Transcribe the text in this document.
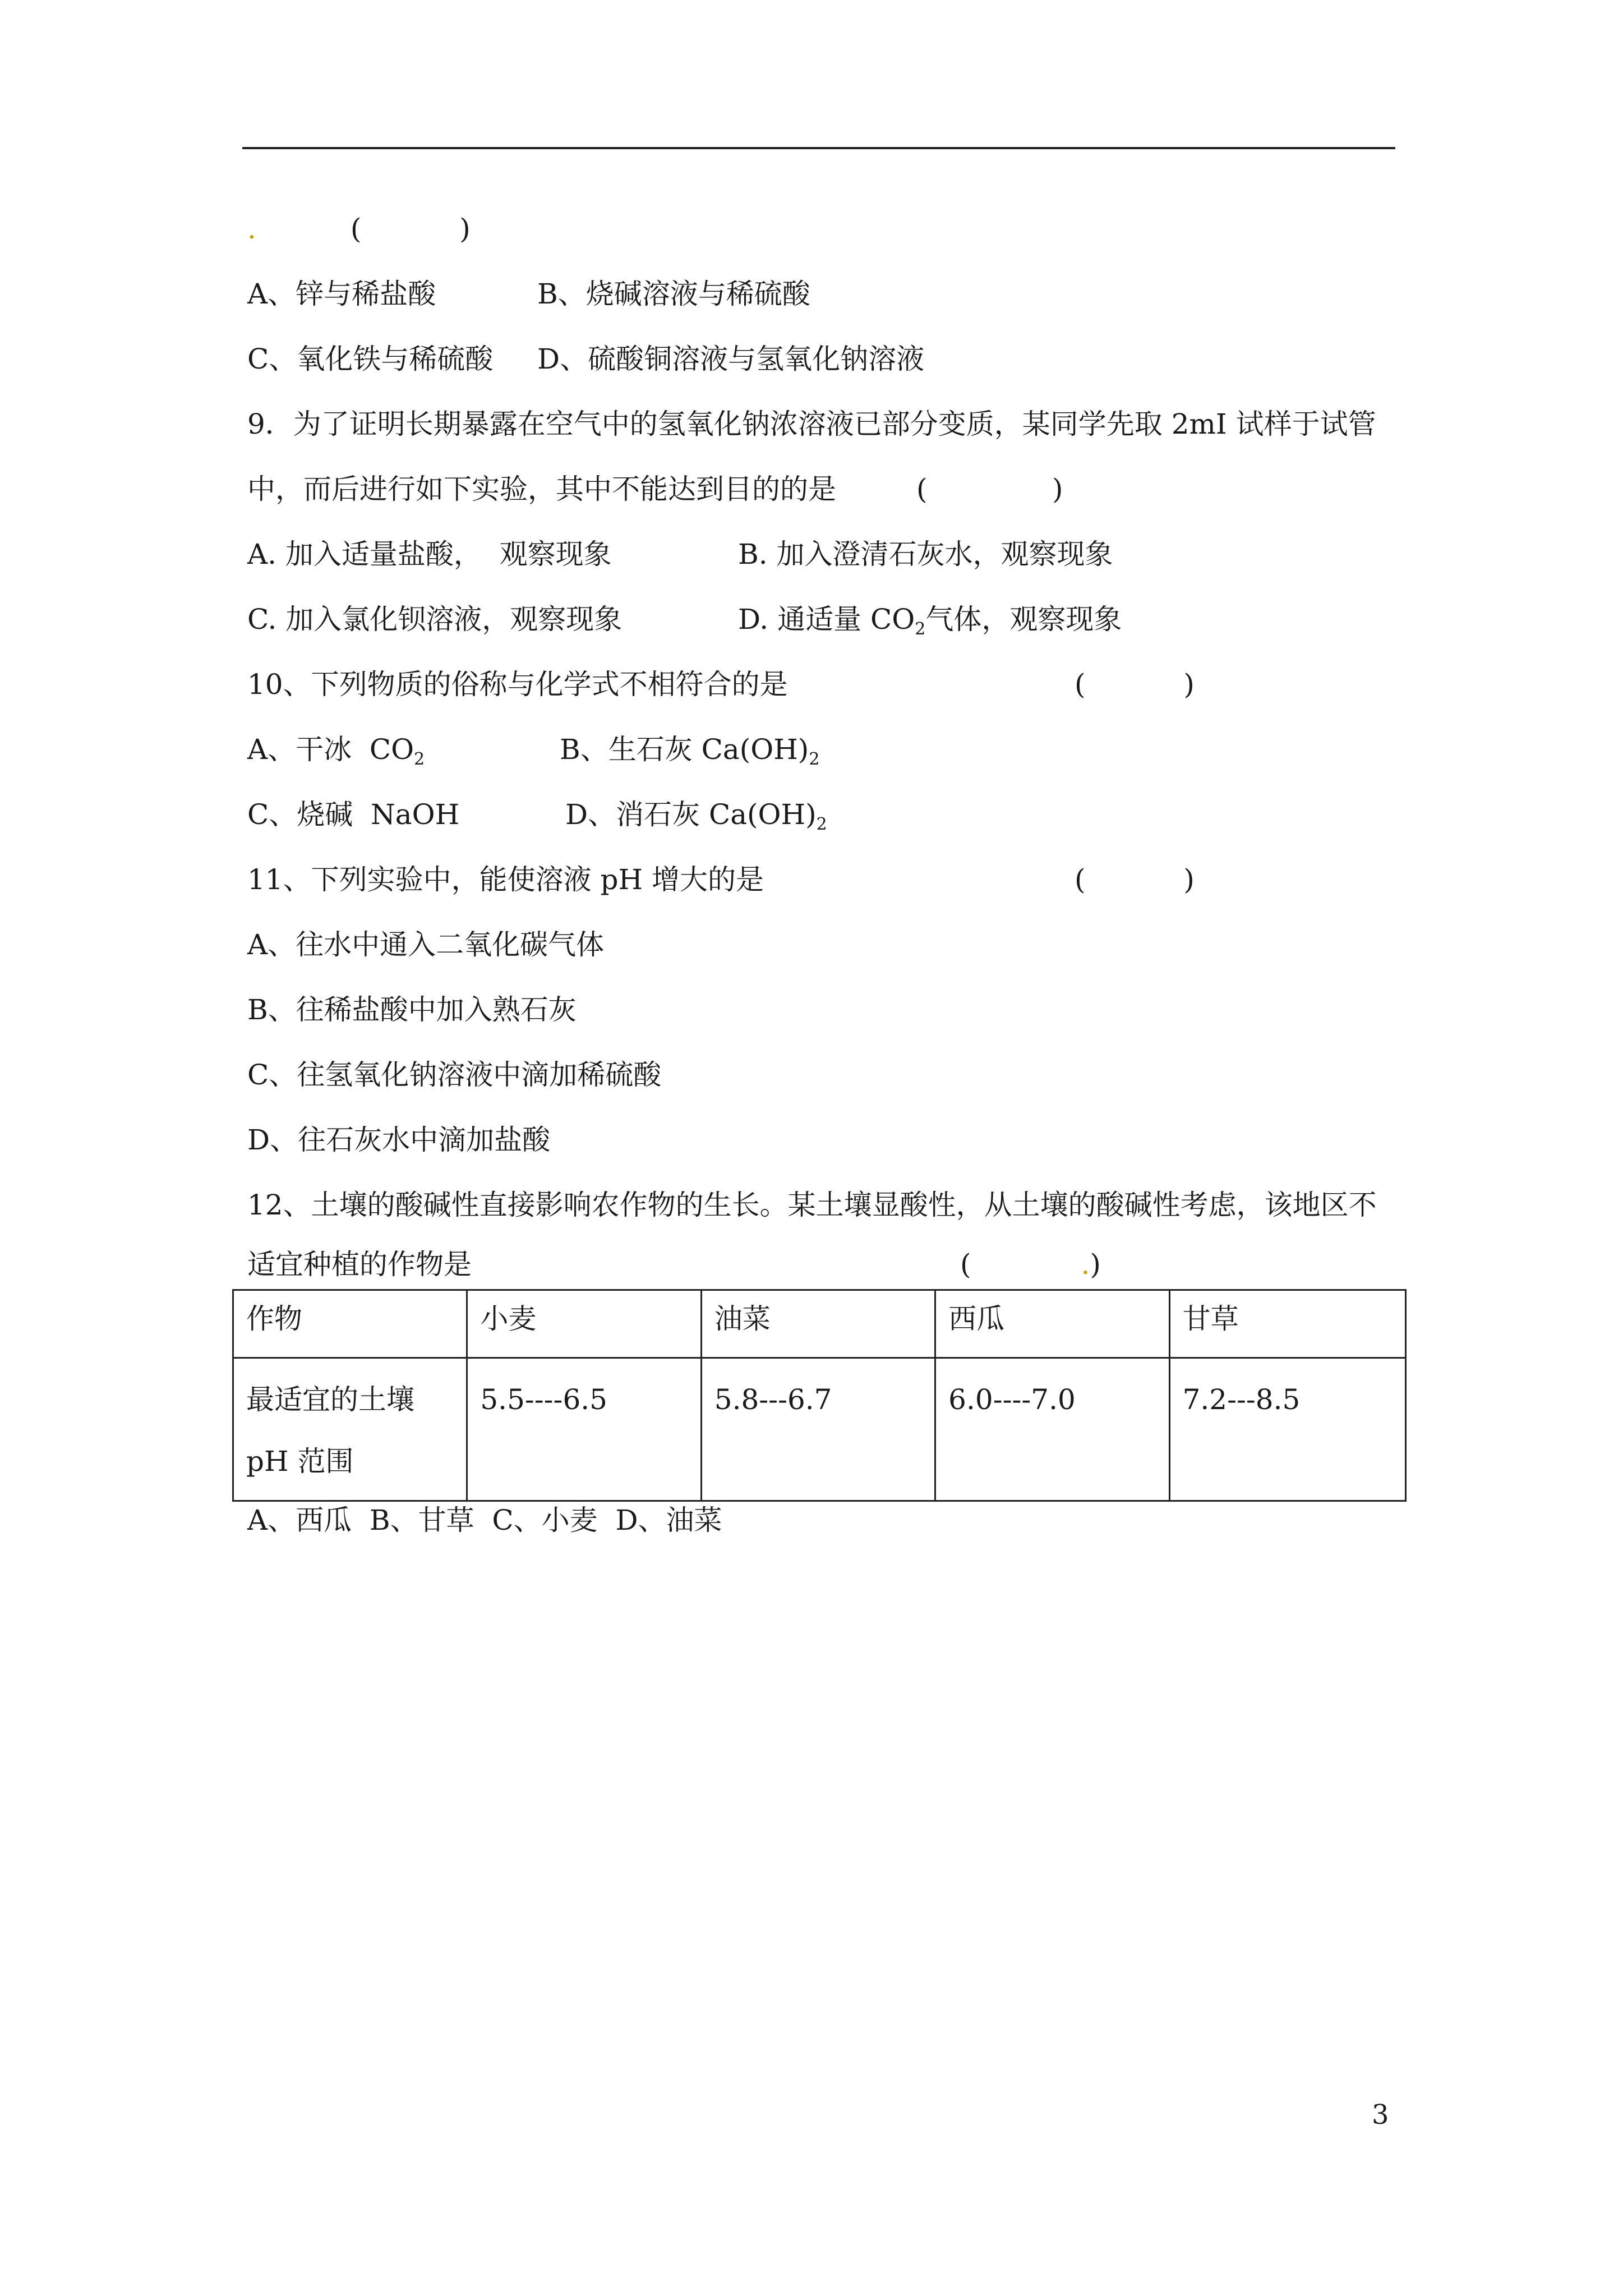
.	(           )
A、锌与稀盐酸	B、烧碱溶液与稀硫酸
C、氧化铁与稀硫酸 D、硫酸铜溶液与氢氧化钠溶液
9．为了证明长期暴露在空气中的氢氧化钠浓溶液已部分变质，某同学先取 2mI 试样于试管
中，而后进行如下实验，其中不能达到目的的是	(              )
A. 加入适量盐酸，  观察现象	B. 加入澄清石灰水，观察现象
C. 加入氯化钡溶液，观察现象	D. 通适量 $CO_2$气体，观察现象
10、下列物质的俗称与化学式不相符合的是	(           )
A、干冰  $CO_2$	B、生石灰 $Ca(OH)_2$
C、烧碱  NaOH	D、消石灰 $Ca(OH)_2$
11、下列实验中，能使溶液 pH 增大的是	(           )
A、往水中通入二氧化碳气体
B、往稀盐酸中加入熟石灰
C、往氢氧化钠溶液中滴加稀硫酸
D、往石灰水中滴加盐酸
12、土壤的酸碱性直接影响农作物的生长。某土壤显酸性，从土壤的酸碱性考虑，该地区不
适宜种植的作物是	(	.)
作物	小麦	油菜	西瓜	甘草
最适宜的土壤
pH 范围	5.5----6.5	5.8---6.7	6.0----7.0	7.2---8.5
A、西瓜  B、甘草  C、小麦  D、油菜
3
